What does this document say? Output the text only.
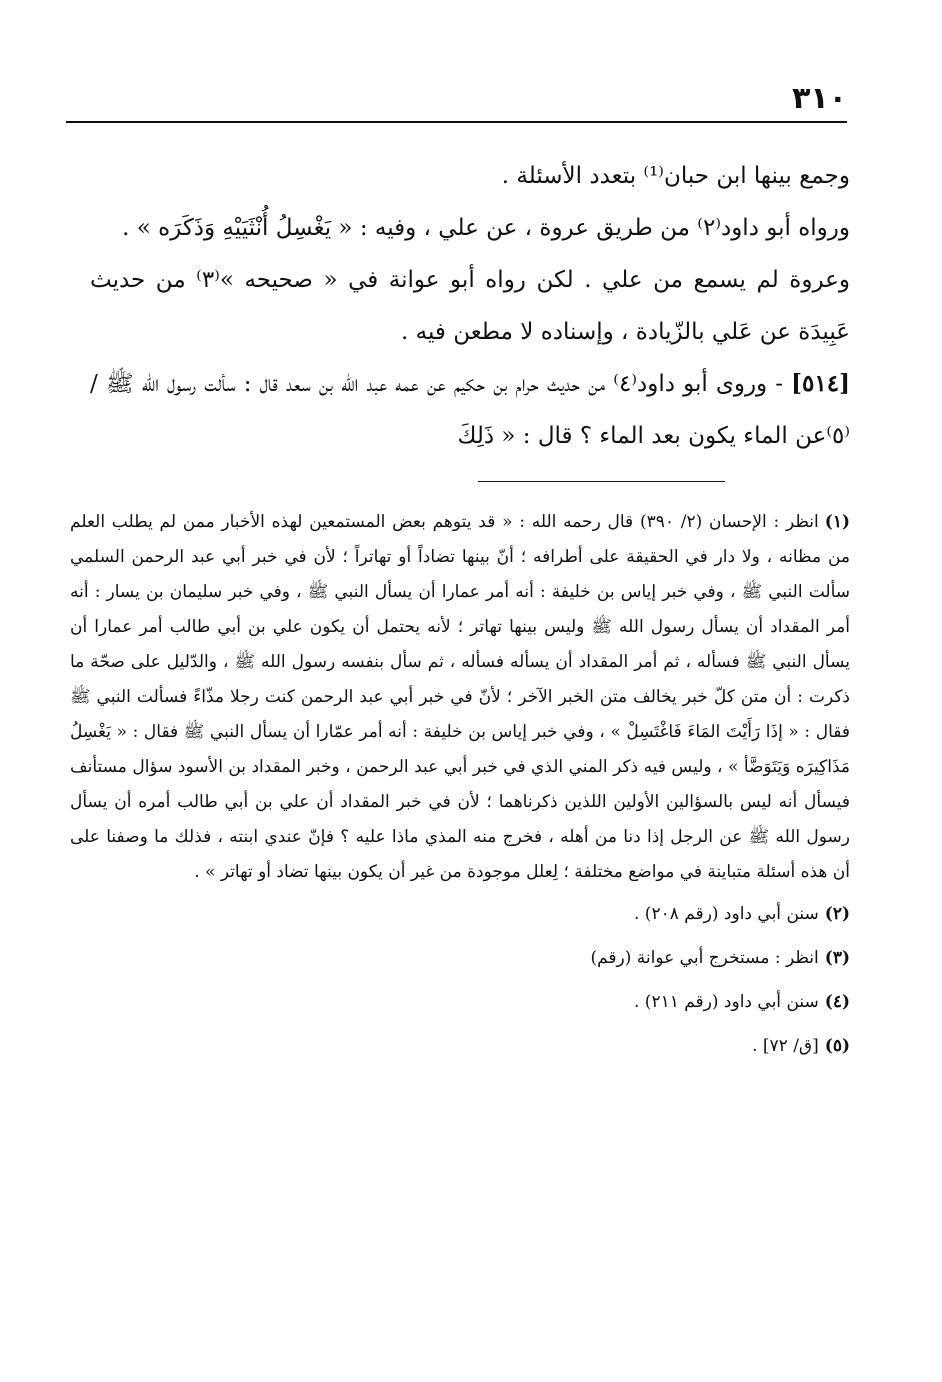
٣١٠

وجمع بينها ابن حبان⁽¹⁾ بتعدد الأسئلة .

ورواه أبو داود⁽٢⁾ من طريق عروة ، عن علي ، وفيه : « يَغْسِلُ أُنْثَيَيْهِ وَذَكَرَه » .

وعروة لم يسمع من علي . لكن رواه أبو عوانة في « صحيحه »⁽٣⁾ من حديث عَبِيدَة عن عَلي بالزّيادة ، وإسناده لا مطعن فيه .

[٥١٤] - وروى أبو داود⁽٤⁾ من حديث حرام بن حكيم عن عمه عبد الله بن سعد قال : سألت رسول الله ﷺ / ⁽٥⁾عن الماء يكون بعد الماء ؟ قال : « ذَلِكَ

(١)انظر : الإحسان (٢/ ٣٩٠) قال رحمه الله : « قد يتوهم بعض المستمعين لهذه الأخبار ممن لم يطلب العلم من مظانه ، ولا دار في الحقيقة على أطرافه ؛ أنّ بينها تضاداً أو تهاتراً ؛ لأن في خبر أبي عبد الرحمن السلمي سألت النبي ﷺ ، وفي خبر إياس بن خليفة : أنه أمر عمارا أن يسأل النبي ﷺ ، وفي خبر سليمان بن يسار : أنه أمر المقداد أن يسأل رسول الله ﷺ وليس بينها تهاتر ؛ لأنه يحتمل أن يكون علي بن أبي طالب أمر عمارا أن يسأل النبي ﷺ فسأله ، ثم أمر المقداد أن يسأله فسأله ، ثم سأل بنفسه رسول الله ﷺ ، والدّليل على صحّة ما ذكرت : أن متن كلّ خبر يخالف متن الخبر الآخر ؛ لأنّ في خبر أبي عبد الرحمن كنت رجلا مذّاءً فسألت النبي ﷺ فقال : « إذَا رَأَيْتَ المَاءَ فَاغْتَسِلْ » ، وفي خبر إياس بن خليفة : أنه أمر عمّارا أن يسأل النبي ﷺ فقال : « يَغْسِلُ مَذَاكِيرَه وَيَتَوَضَّأ » ، وليس فيه ذكر المني الذي في خبر أبي عبد الرحمن ، وخبر المقداد بن الأسود سؤال مستأنف فيسأل أنه ليس بالسؤالين الأولين اللذين ذكرناهما ؛ لأن في خبر المقداد أن علي بن أبي طالب أمره أن يسأل رسول الله ﷺ عن الرجل إذا دنا من أهله ، فخرج منه المذي ماذا عليه ؟ فإنّ عندي ابنته ، فذلك ما وصفنا على أن هذه أسئلة متباينة في مواضع مختلفة ؛ لِعلل موجودة من غير أن يكون بينها تضاد أو تهاتر » .

(٢)سنن أبي داود (رقم ٢٠٨) .

(٣)انظر : مستخرج أبي عوانة (رقم)

(٤)سنن أبي داود (رقم ٢١١) .

(٥)[ق/ ٧٢] .
